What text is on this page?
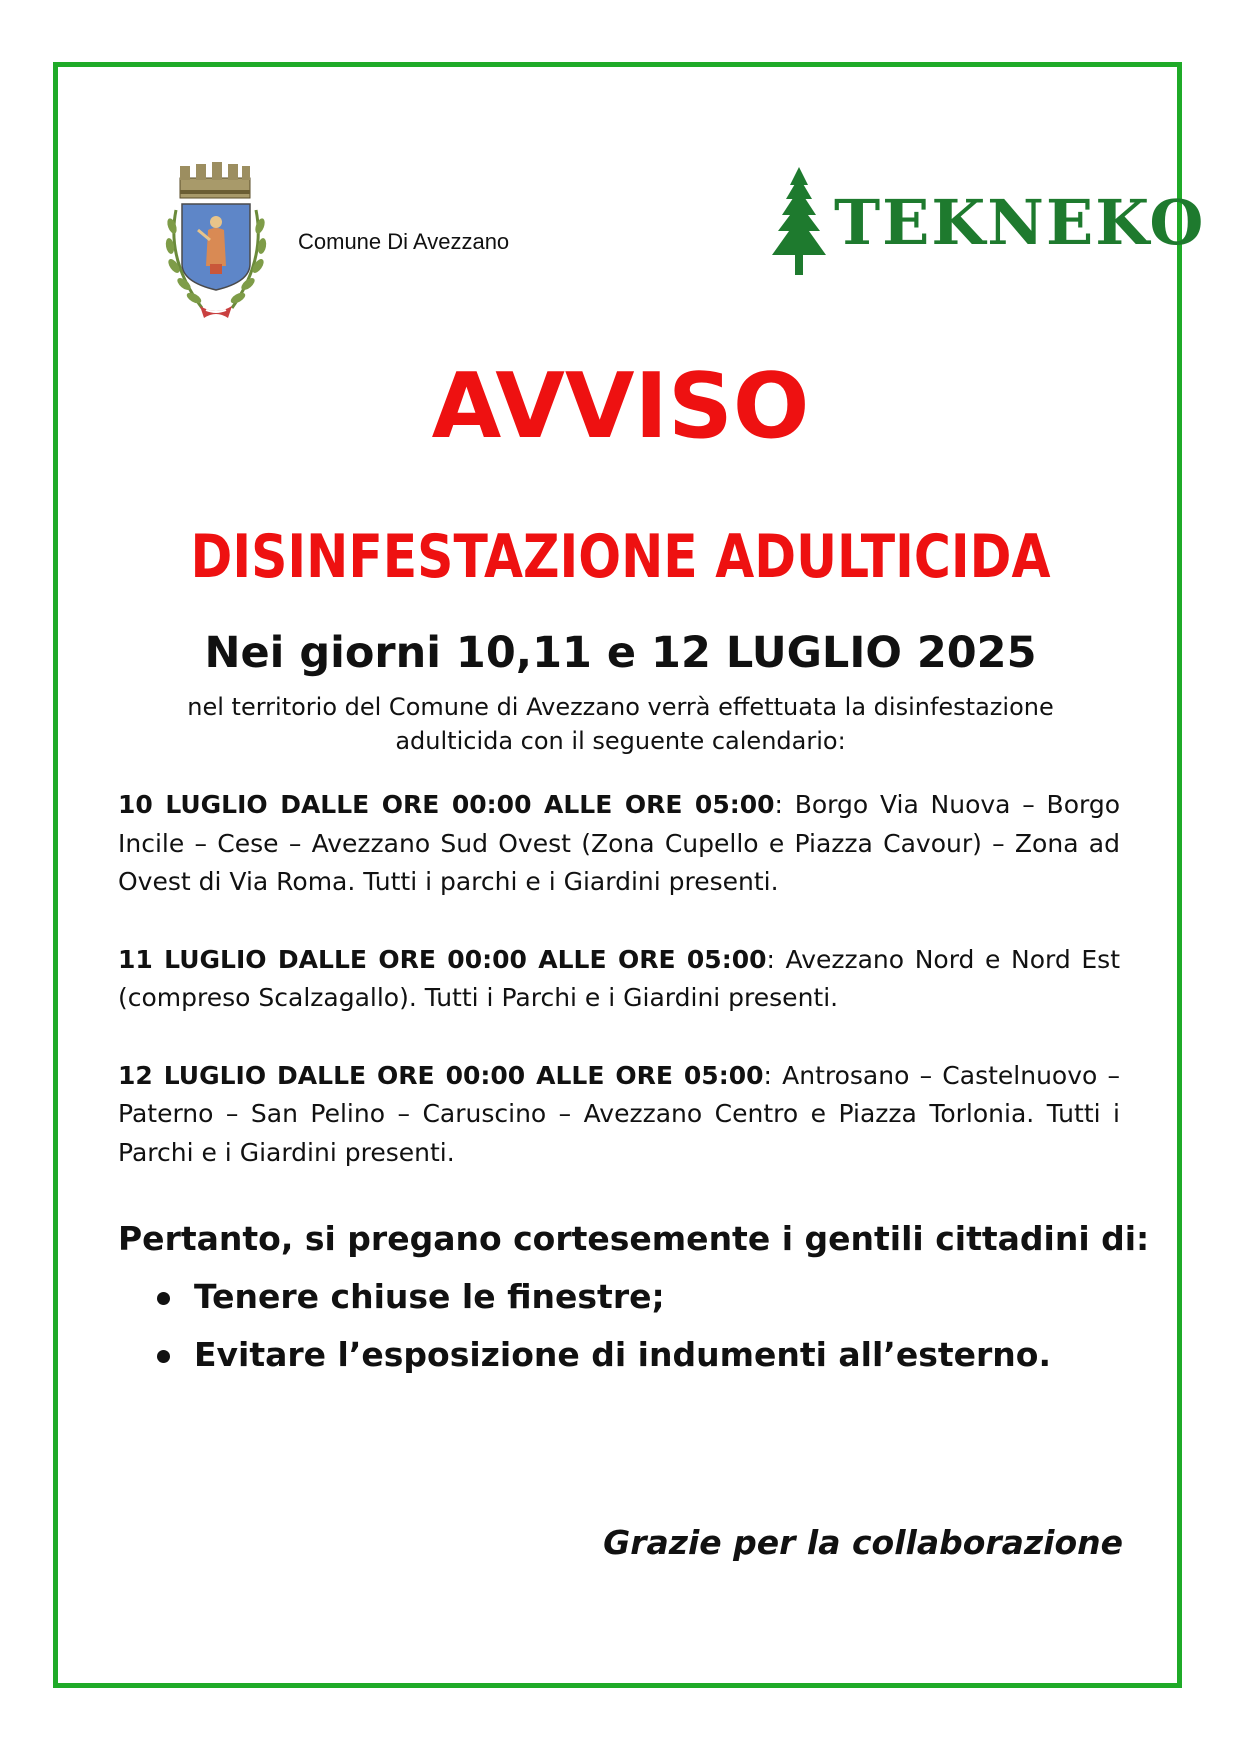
Comune Di Avezzano	TEKNEKO
AVVISO
DISINFESTAZIONE ADULTICIDA
Nei giorni 10,11 e 12 LUGLIO 2025
nel territorio del Comune di Avezzano verrà effettuata la disinfestazione
adulticida con il seguente calendario:

10 LUGLIO DALLE ORE 00:00 ALLE ORE 05:00: Borgo Via Nuova – Borgo Incile – Cese – Avezzano Sud Ovest (Zona Cupello e Piazza Cavour) – Zona ad Ovest di Via Roma. Tutti i parchi e i Giardini presenti.

11 LUGLIO DALLE ORE 00:00 ALLE ORE 05:00: Avezzano Nord e Nord Est (compreso Scalzagallo). Tutti i Parchi e i Giardini presenti.

12 LUGLIO DALLE ORE 00:00 ALLE ORE 05:00: Antrosano – Castelnuovo – Paterno – San Pelino – Caruscino – Avezzano Centro e Piazza Torlonia. Tutti i Parchi e i Giardini presenti.

Pertanto, si pregano cortesemente i gentili cittadini di:
Tenere chiuse le finestre;
Evitare l’esposizione di indumenti all’esterno.
Grazie per la collaborazione
